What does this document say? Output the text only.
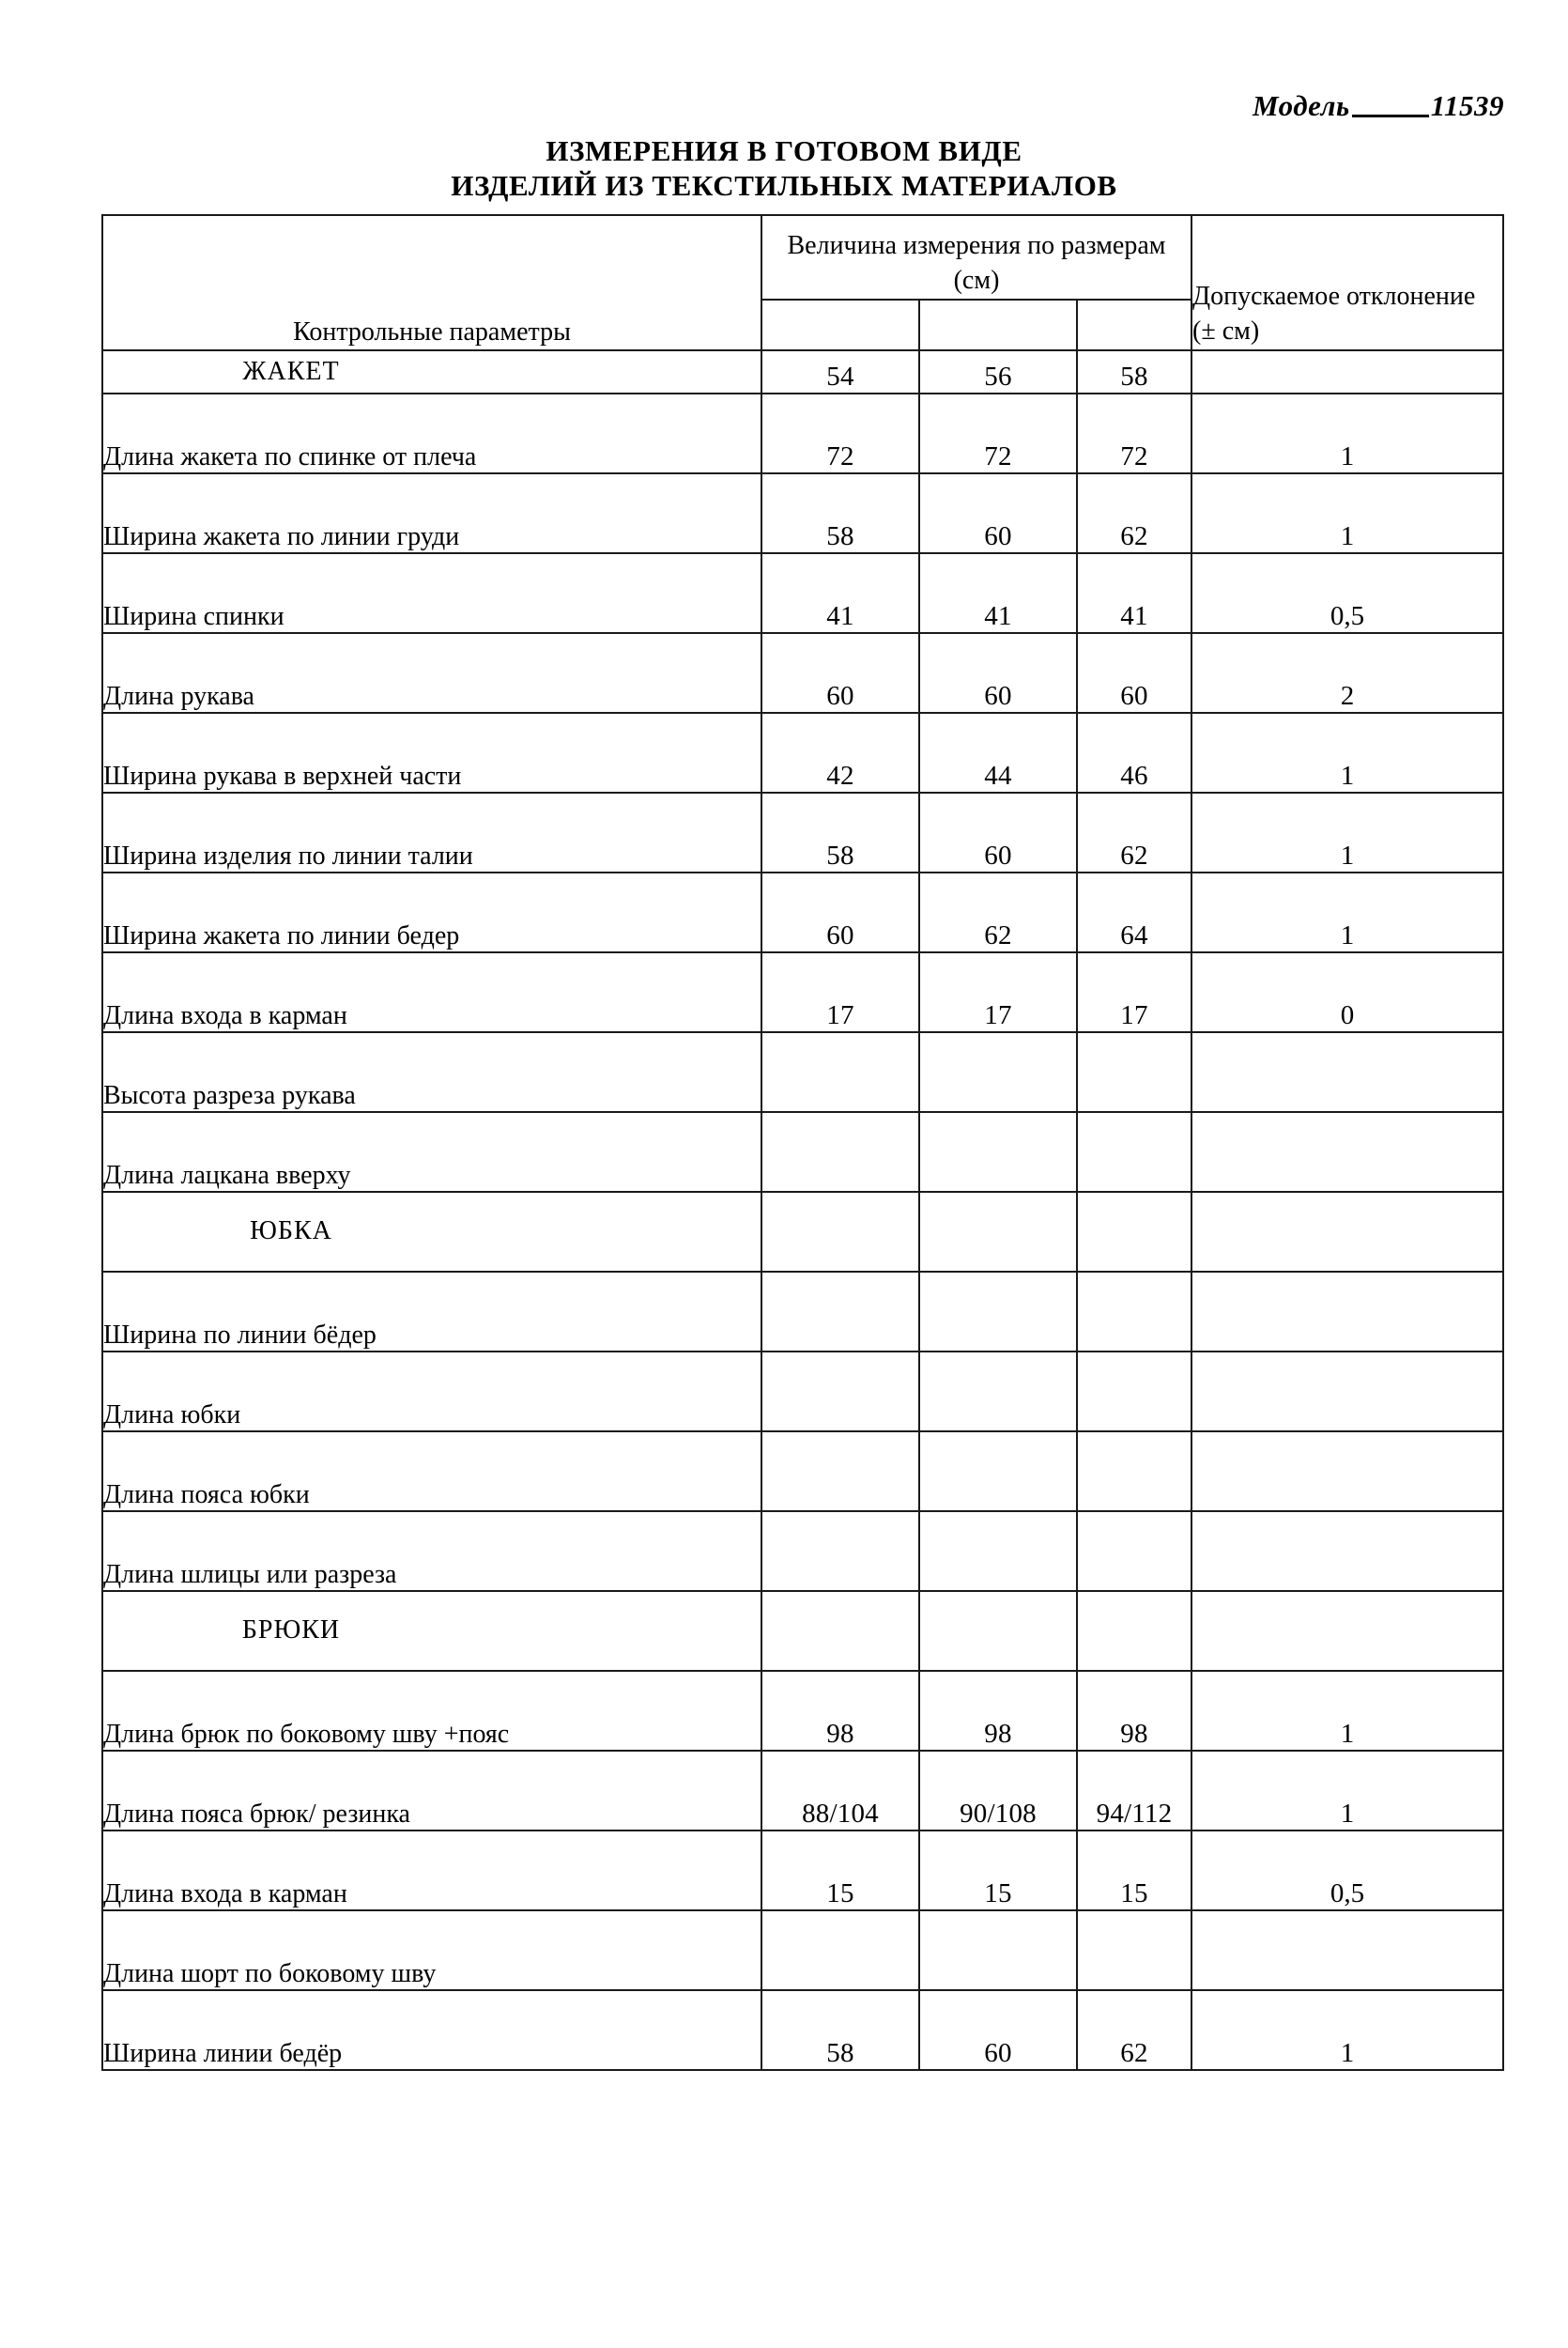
Модель	11539
ИЗМЕРЕНИЯ В ГОТОВОМ ВИДЕ
ИЗДЕЛИЙ ИЗ ТЕКСТИЛЬНЫХ МАТЕРИАЛОВ
Контрольные параметры	Величина измерения по размерам (см)			Допускаемое отклонение (± см)

ЖАКЕТ	54	56	58	
Длина жакета по спинке от плеча	72	72	72	1
Ширина жакета по линии груди	58	60	62	1
Ширина спинки	41	41	41	0,5
Длина рукава	60	60	60	2
Ширина рукава в верхней части	42	44	46	1
Ширина изделия по линии талии	58	60	62	1
Ширина жакета по линии бедер	60	62	64	1
Длина входа в карман	17	17	17	0
Высота разреза рукава				
Длина лацкана вверху				
ЮБКА				
Ширина по линии бёдер				
Длина юбки				
Длина пояса юбки				
Длина шлицы или разреза				
БРЮКИ				
Длина брюк по боковому шву +пояс	98	98	98	1
Длина пояса брюк/ резинка	88/104	90/108	94/112	1
Длина входа в карман	15	15	15	0,5
Длина шорт по боковому шву				
Ширина линии бедёр	58	60	62	1
